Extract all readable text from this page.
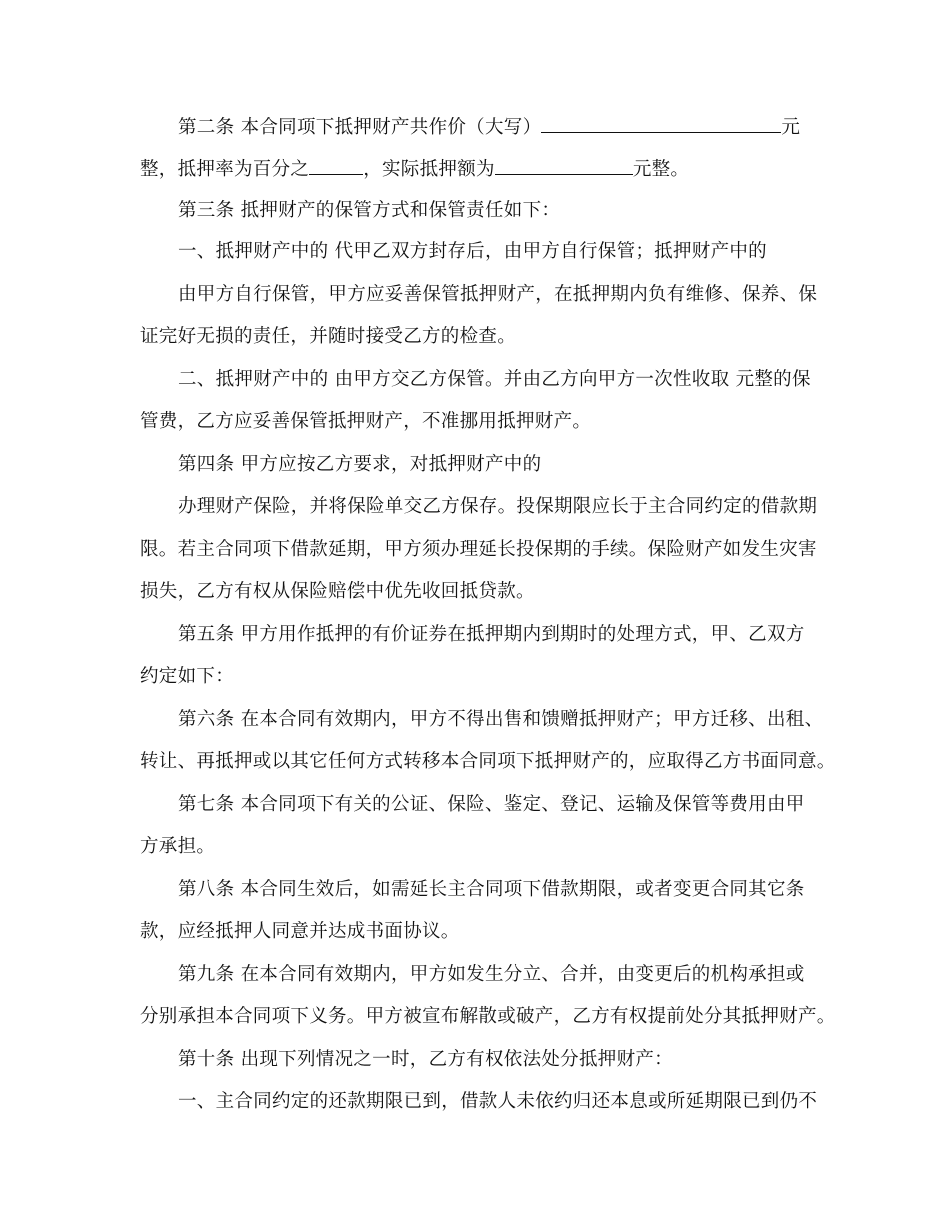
第二条 本合同项下抵押财产共作价（大写）	元
整，抵押率为百分之	，实际抵押额为	元整。
第三条 抵押财产的保管方式和保管责任如下：
一、抵押财产中的 代甲乙双方封存后，由甲方自行保管；抵押财产中的
由甲方自行保管，甲方应妥善保管抵押财产，在抵押期内负有维修、保养、保
证完好无损的责任，并随时接受乙方的检查。
二、抵押财产中的 由甲方交乙方保管。并由乙方向甲方一次性收取 元整的保
管费，乙方应妥善保管抵押财产，不准挪用抵押财产。
第四条 甲方应按乙方要求，对抵押财产中的
办理财产保险，并将保险单交乙方保存。投保期限应长于主合同约定的借款期
限。若主合同项下借款延期，甲方须办理延长投保期的手续。保险财产如发生灾害
损失，乙方有权从保险赔偿中优先收回抵贷款。
第五条 甲方用作抵押的有价证券在抵押期内到期时的处理方式，甲、乙双方
约定如下：
第六条 在本合同有效期内，甲方不得出售和馈赠抵押财产；甲方迁移、出租、
转让、再抵押或以其它任何方式转移本合同项下抵押财产的，应取得乙方书面同意。
第七条 本合同项下有关的公证、保险、鉴定、登记、运输及保管等费用由甲
方承担。
第八条 本合同生效后，如需延长主合同项下借款期限，或者变更合同其它条
款，应经抵押人同意并达成书面协议。
第九条 在本合同有效期内，甲方如发生分立、合并，由变更后的机构承担或
分别承担本合同项下义务。甲方被宣布解散或破产，乙方有权提前处分其抵押财产。
第十条 出现下列情况之一时，乙方有权依法处分抵押财产：
一、主合同约定的还款期限已到，借款人未依约归还本息或所延期限已到仍不
